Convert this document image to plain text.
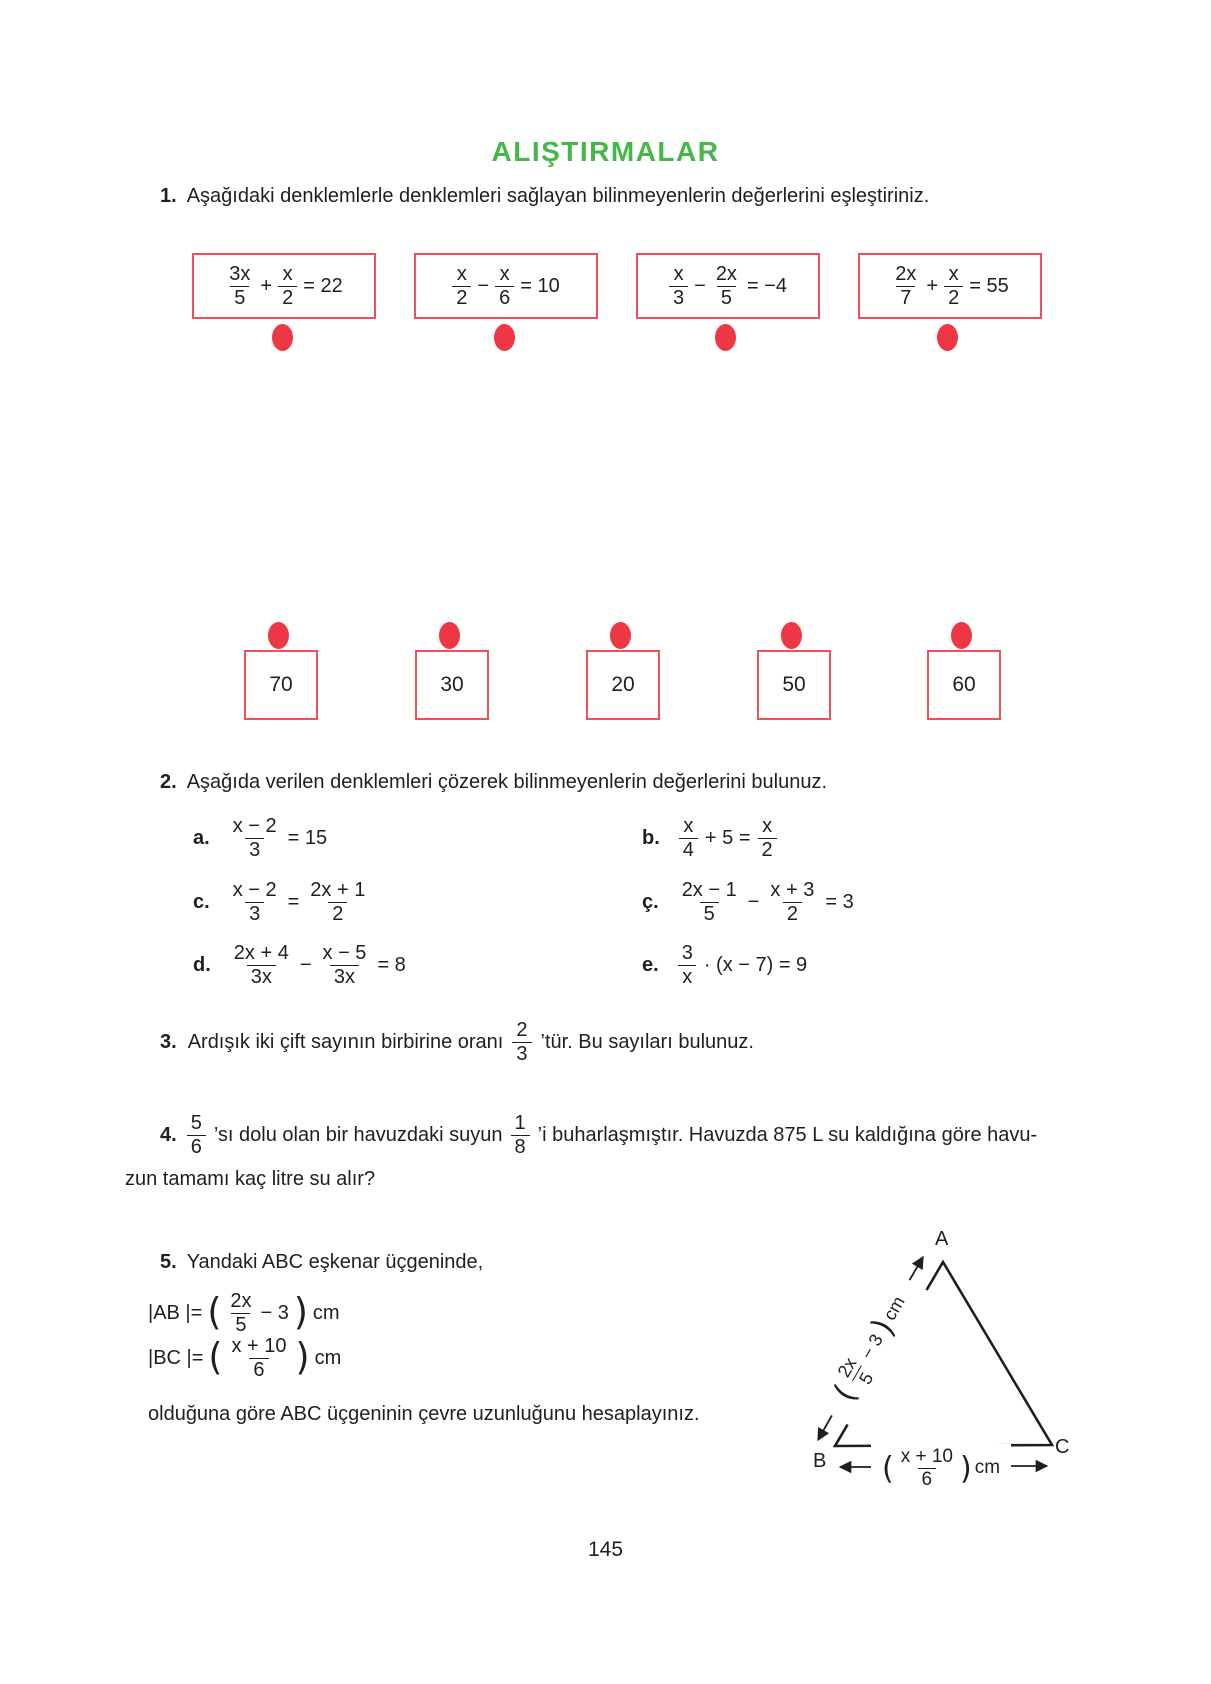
ALIŞTIRMALAR
1. Aşağıdaki denklemlerle denklemleri sağlayan bilinmeyenlerin değerlerini eşleştiriniz.
3x
5
+ $\frac{x}{2} = 22$
x
2
− $\frac{x}{6} = 10$
x
3
− $\frac{2x}{5} = -4$
2x
7
+ $\frac{x}{2} = 55$
70	30	20	50	60
2. Aşağıda verilen denklemleri çözerek bilinmeyenlerin değerlerini bulunuz.
a. $\frac{x - 2}{3} = 15$	b.
x
4
+ $5 = \frac{x}{2}$
c. $\frac{x - 2}{3} = \frac{2x + 1}{2}$	ç.
2x − 1
5
− $\frac{x + 3}{2} = 3$
d.
2x + 4
3x
− $\frac{x - 5}{3x} = 8$	e.
3
x
· (x − 7) = 9
3. Ardışık iki çift sayının birbirine oranı
2
3
’tür. Bu sayıları bulunuz.
4.
5
6
’sı dolu olan bir havuzdaki suyun
1
8
’i buharlaşmıştır. Havuzda 875 L su kaldığına göre havu-
zun tamamı kaç litre su alır?
5. Yandaki ABC eşkenar üçgeninde,
|AB |= ( 2x
5
− 3 ) cm
|BC |= ( x + 10
6 ) cm
olduğuna göre ABC üçgeninin çevre uzunluğunu hesaplayınız.
A
B
C
(
2x
5
− 3
)
cm
( x + 10
6 ) cm
145
